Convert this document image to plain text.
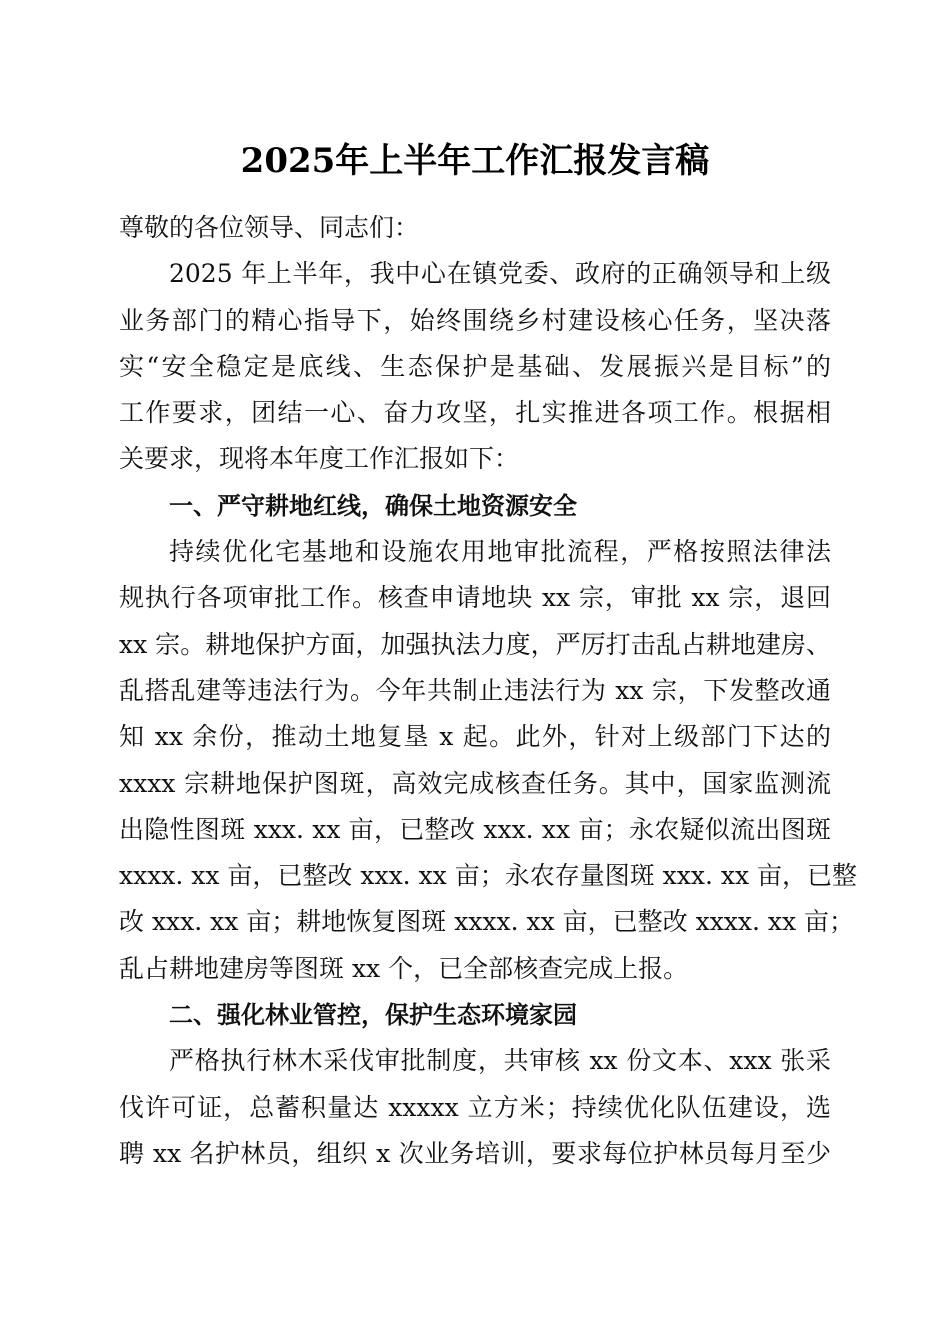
2025年上半年工作汇报发言稿
尊敬的各位领导、同志们：
2025 年上半年，我中心在镇党委、政府的正确领导和上级
业务部门的精心指导下，始终围绕乡村建设核心任务，坚决落
实“安全稳定是底线、生态保护是基础、发展振兴是目标”的
工作要求，团结一心、奋力攻坚，扎实推进各项工作。根据相
关要求，现将本年度工作汇报如下：
一、严守耕地红线，确保土地资源安全
持续优化宅基地和设施农用地审批流程，严格按照法律法
规执行各项审批工作。核查申请地块 xx 宗，审批 xx 宗，退回
xx 宗。耕地保护方面，加强执法力度，严厉打击乱占耕地建房、
乱搭乱建等违法行为。今年共制止违法行为 xx 宗，下发整改通
知 xx 余份，推动土地复垦 x 起。此外，针对上级部门下达的
xxxx 宗耕地保护图斑，高效完成核查任务。其中，国家监测流
出隐性图斑 xxx. xx 亩，已整改 xxx. xx 亩；永农疑似流出图斑
xxxx. xx 亩，已整改 xxx. xx 亩；永农存量图斑 xxx. xx 亩，已整
改 xxx. xx 亩；耕地恢复图斑 xxxx. xx 亩，已整改 xxxx. xx 亩；
乱占耕地建房等图斑 xx 个，已全部核查完成上报。
二、强化林业管控，保护生态环境家园
严格执行林木采伐审批制度，共审核 xx 份文本、xxx 张采
伐许可证，总蓄积量达 xxxxx 立方米；持续优化队伍建设，选
聘 xx 名护林员，组织 x 次业务培训，要求每位护林员每月至少
